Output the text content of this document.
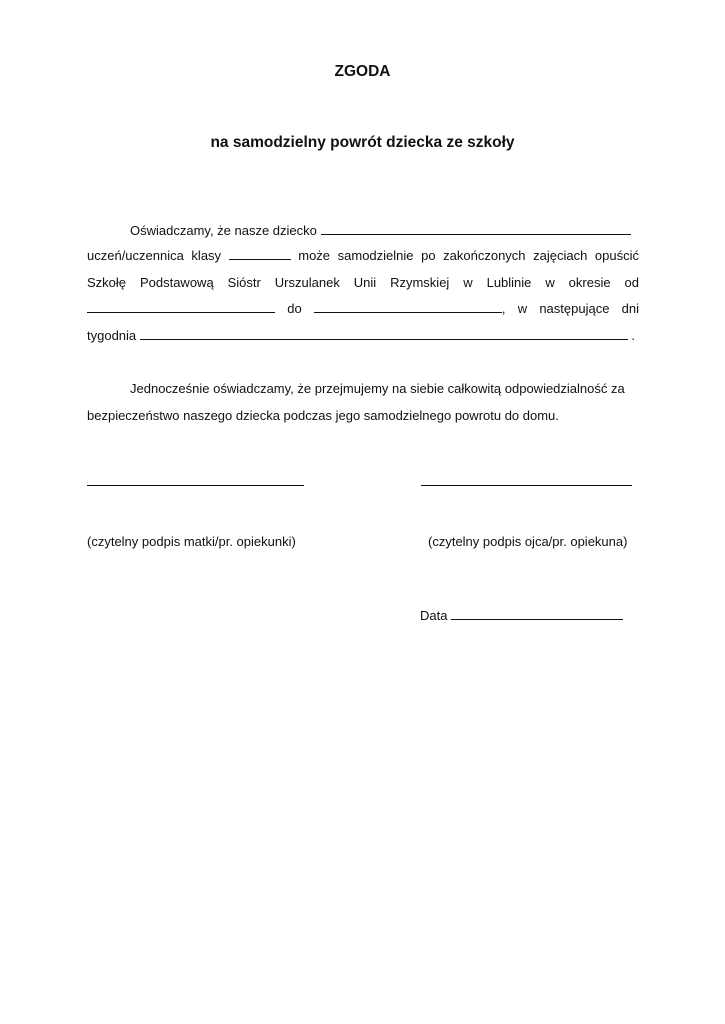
ZGODA
na samodzielny powrót dziecka ze szkoły
Oświadczamy, że nasze dziecko
uczeń/uczennica klasy	może samodzielnie po zakończonych zajęciach opuścić
Szkołę Podstawową Sióstr Urszulanek Unii Rzymskiej w Lublinie w okresie od
do	, w następujące dni
tygodnia	.
Jednocześnie oświadczamy, że przejmujemy na siebie całkowitą odpowiedzialność za
bezpieczeństwo naszego dziecka podczas jego samodzielnego powrotu do domu.
(czytelny podpis matki/pr. opiekunki)	(czytelny podpis ojca/pr. opiekuna)
Data
